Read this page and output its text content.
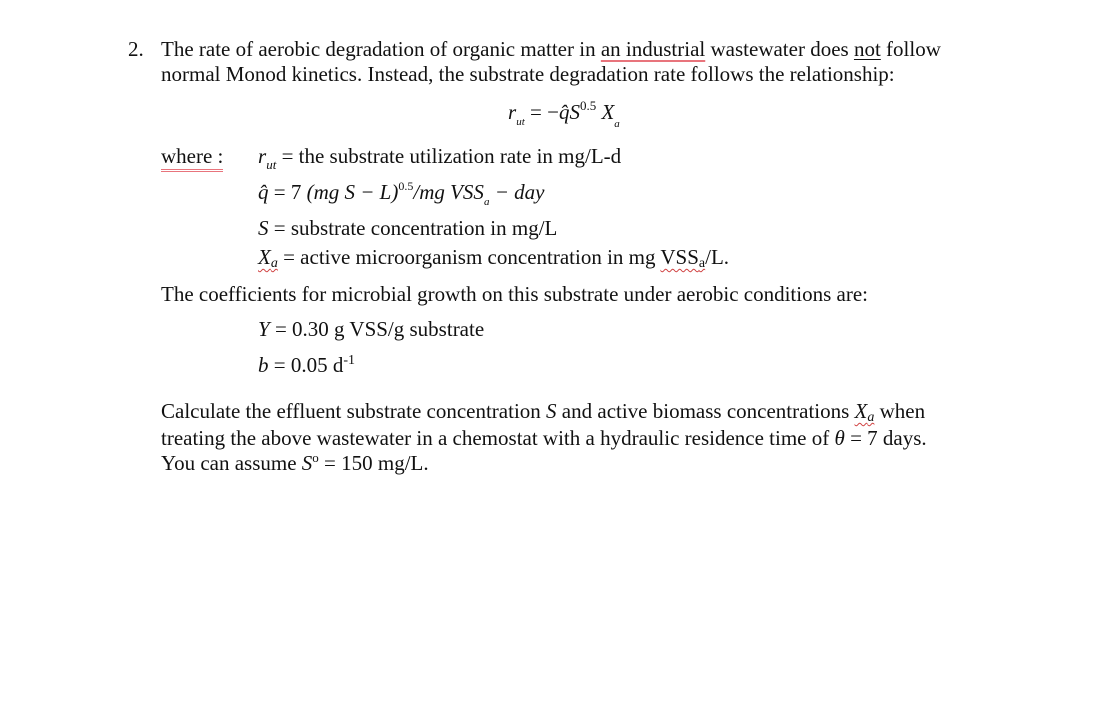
2. The rate of aerobic degradation of organic matter in an industrial wastewater does not follow
normal Monod kinetics. Instead, the substrate degradation rate follows the relationship:
$r_{ut}$ = $-q̂S^{0.5}$ $X_a$
where : $r_{ut}$ = the substrate utilization rate in mg/L-d
q̂ = 7 (mg S − L)$^{0.5}$/mg $VSS_a$ − day
S = substrate concentration in mg/L
Xa = active microorganism concentration in mg VSSa/L.
The coefficients for microbial growth on this substrate under aerobic conditions are:
Y = 0.30 g VSS/g substrate
b = 0.05 $d^{-1}$
Calculate the effluent substrate concentration S and active biomass concentrations Xa when
treating the above wastewater in a chemostat with a hydraulic residence time of θ = 7 days.
You can assume $S^o = 150$ mg/L.
